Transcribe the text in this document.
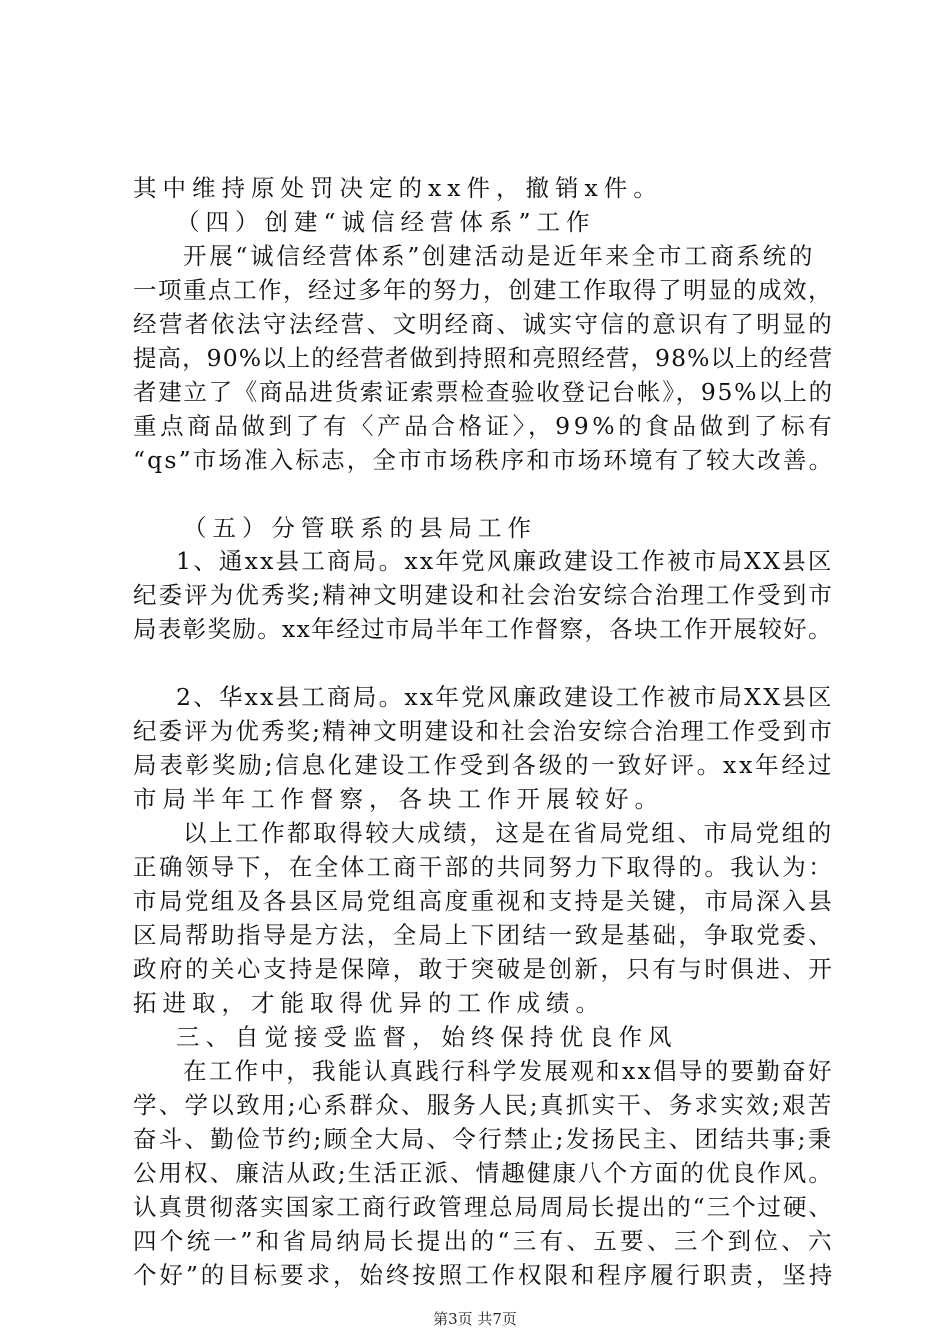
其中维持原处罚决定的xx件，撤销x件。
（四）创建“诚信经营体系”工作
开展“诚信经营体系”创建活动是近年来全市工商系统的
一项重点工作，经过多年的努力，创建工作取得了明显的成效，
经营者依法守法经营、文明经商、诚实守信的意识有了明显的
提高，90%以上的经营者做到持照和亮照经营，98%以上的经营
者建立了《商品进货索证索票检查验收登记台帐》，95%以上的
重点商品做到了有〈产品合格证〉，99%的食品做到了标有
“qs”市场准入标志，全市市场秩序和市场环境有了较大改善。
（五）分管联系的县局工作
1、通xx县工商局。xx年党风廉政建设工作被市局XX县区
纪委评为优秀奖;精神文明建设和社会治安综合治理工作受到市
局表彰奖励。xx年经过市局半年工作督察，各块工作开展较好。
2、华xx县工商局。xx年党风廉政建设工作被市局XX县区
纪委评为优秀奖;精神文明建设和社会治安综合治理工作受到市
局表彰奖励;信息化建设工作受到各级的一致好评。xx年经过
市局半年工作督察，各块工作开展较好。
以上工作都取得较大成绩，这是在省局党组、市局党组的
正确领导下，在全体工商干部的共同努力下取得的。我认为：
市局党组及各县区局党组高度重视和支持是关键，市局深入县
区局帮助指导是方法，全局上下团结一致是基础，争取党委、
政府的关心支持是保障，敢于突破是创新，只有与时俱进、开
拓进取，才能取得优异的工作成绩。
三、自觉接受监督，始终保持优良作风
在工作中，我能认真践行科学发展观和xx倡导的要勤奋好
学、学以致用;心系群众、服务人民;真抓实干、务求实效;艰苦
奋斗、勤俭节约;顾全大局、令行禁止;发扬民主、团结共事;秉
公用权、廉洁从政;生活正派、情趣健康八个方面的优良作风。
认真贯彻落实国家工商行政管理总局周局长提出的“三个过硬、
四个统一”和省局纳局长提出的“三有、五要、三个到位、六
个好”的目标要求，始终按照工作权限和程序履行职责，坚持
第3页 共7页
